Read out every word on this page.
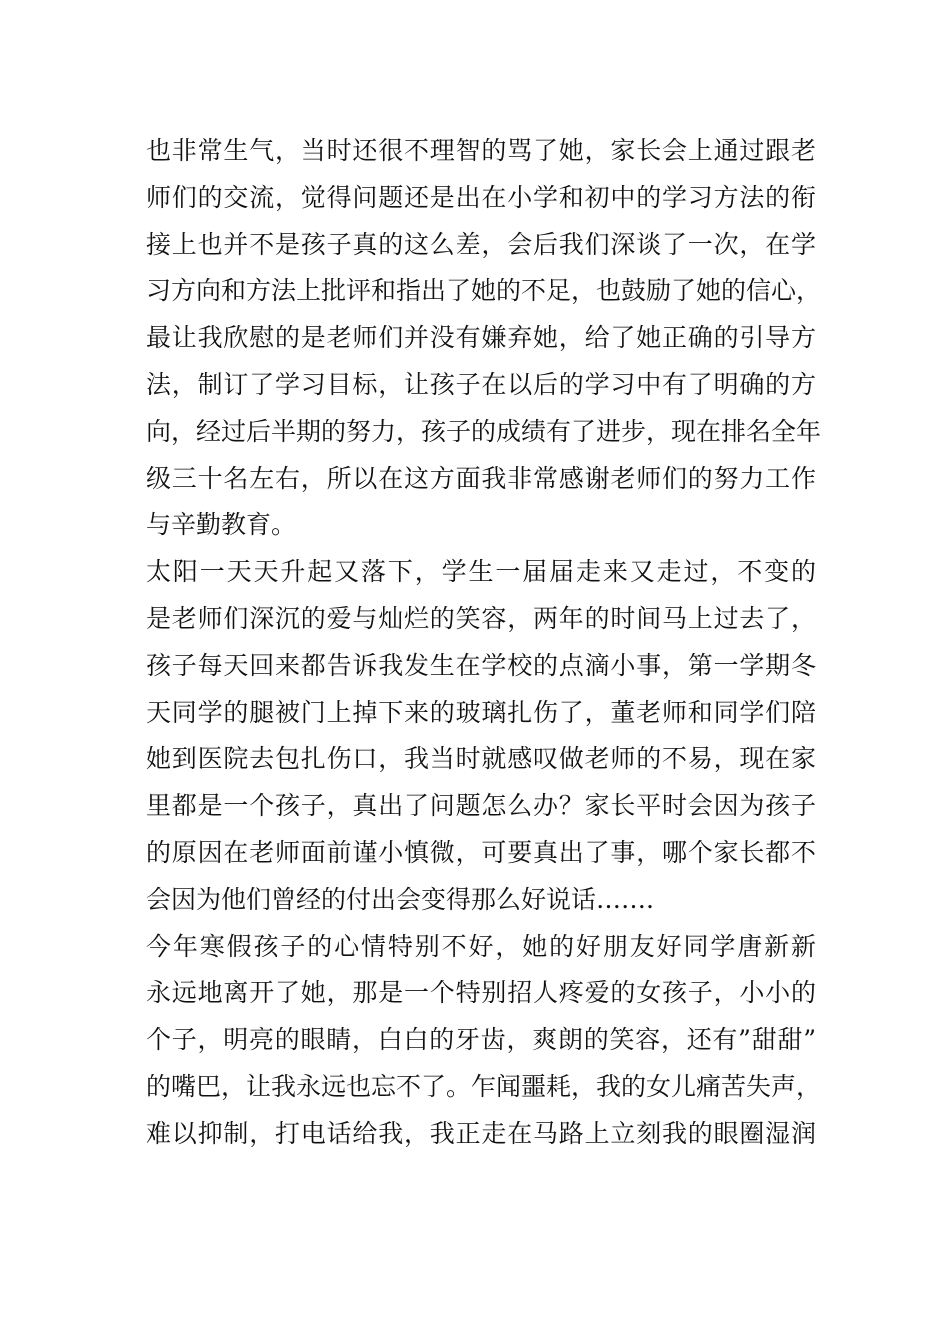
也非常生气，当时还很不理智的骂了她，家长会上通过跟老
师们的交流，觉得问题还是出在小学和初中的学习方法的衔
接上也并不是孩子真的这么差，会后我们深谈了一次，在学
习方向和方法上批评和指出了她的不足，也鼓励了她的信心，
最让我欣慰的是老师们并没有嫌弃她，给了她正确的引导方
法，制订了学习目标，让孩子在以后的学习中有了明确的方
向，经过后半期的努力，孩子的成绩有了进步，现在排名全年
级三十名左右，所以在这方面我非常感谢老师们的努力工作
与辛勤教育。
太阳一天天升起又落下，学生一届届走来又走过，不变的
是老师们深沉的爱与灿烂的笑容，两年的时间马上过去了，
孩子每天回来都告诉我发生在学校的点滴小事，第一学期冬
天同学的腿被门上掉下来的玻璃扎伤了，董老师和同学们陪
她到医院去包扎伤口，我当时就感叹做老师的不易，现在家
里都是一个孩子，真出了问题怎么办？家长平时会因为孩子
的原因在老师面前谨小慎微，可要真出了事，哪个家长都不
会因为他们曾经的付出会变得那么好说话…….
今年寒假孩子的心情特别不好，她的好朋友好同学唐新新
永远地离开了她，那是一个特别招人疼爱的女孩子，小小的
个子，明亮的眼睛，白白的牙齿，爽朗的笑容，还有”甜甜”
的嘴巴，让我永远也忘不了。乍闻噩耗，我的女儿痛苦失声，
难以抑制，打电话给我，我正走在马路上立刻我的眼圈湿润
